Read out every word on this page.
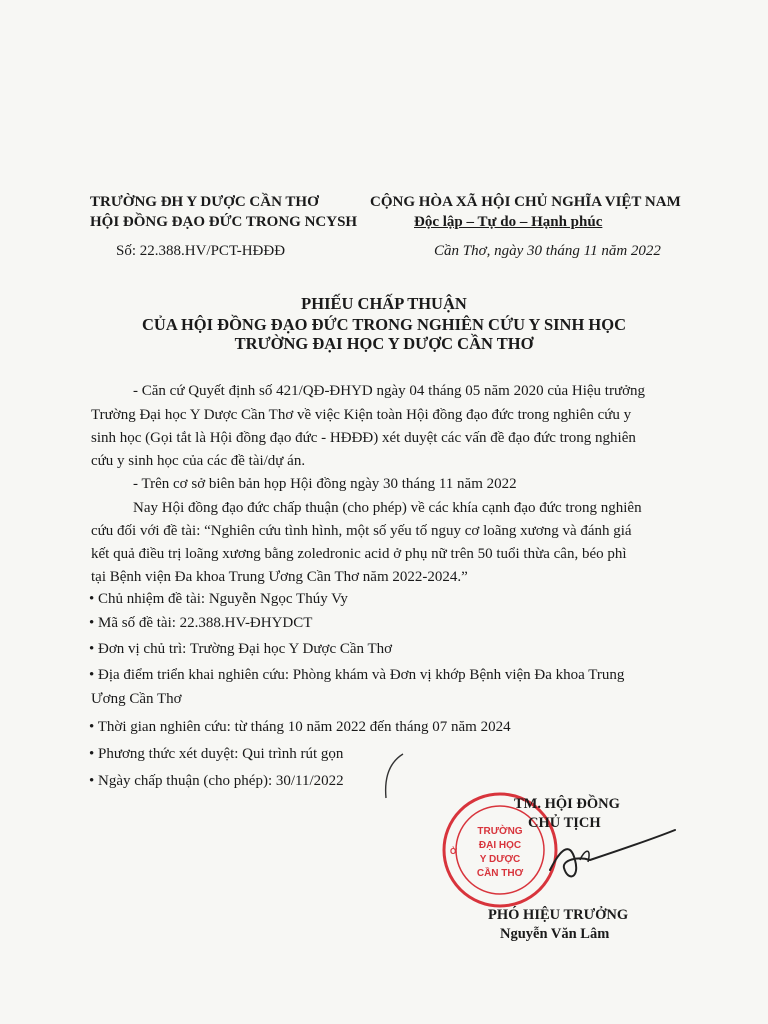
TRƯỜNG ĐH Y DƯỢC CẦN THƠ
HỘI ĐỒNG ĐẠO ĐỨC TRONG NCYSH
CỘNG HÒA XÃ HỘI CHỦ NGHĨA VIỆT NAM
Độc lập – Tự do – Hạnh phúc
Số: 22.388.HV/PCT-HĐĐĐ	Cần Thơ, ngày 30 tháng 11 năm 2022
PHIẾU CHẤP THUẬN
CỦA HỘI ĐỒNG ĐẠO ĐỨC TRONG NGHIÊN CỨU Y SINH HỌC
TRƯỜNG ĐẠI HỌC Y DƯỢC CẦN THƠ
- Căn cứ Quyết định số 421/QĐ-ĐHYD ngày 04 tháng 05 năm 2020 của Hiệu trưởng
Trường Đại học Y Dược Cần Thơ về việc Kiện toàn Hội đồng đạo đức trong nghiên cứu y
sinh học (Gọi tắt là Hội đồng đạo đức - HĐĐĐ) xét duyệt các vấn đề đạo đức trong nghiên
cứu y sinh học của các đề tài/dự án.
- Trên cơ sở biên bản họp Hội đồng ngày 30 tháng 11 năm 2022
Nay Hội đồng đạo đức chấp thuận (cho phép) về các khía cạnh đạo đức trong nghiên
cứu đối với đề tài: “Nghiên cứu tình hình, một số yếu tố nguy cơ loãng xương và đánh giá
kết quả điều trị loãng xương bằng zoledronic acid ở phụ nữ trên 50 tuổi thừa cân, béo phì
tại Bệnh viện Đa khoa Trung Ương Cần Thơ năm 2022-2024.”
• Chủ nhiệm đề tài: Nguyễn Ngọc Thúy Vy
• Mã số đề tài: 22.388.HV-ĐHYDCT
• Đơn vị chủ trì: Trường Đại học Y Dược Cần Thơ
• Địa điểm triển khai nghiên cứu: Phòng khám và Đơn vị khớp Bệnh viện Đa khoa Trung
Ương Cần Thơ
• Thời gian nghiên cứu: từ tháng 10 năm 2022 đến tháng 07 năm 2024
• Phương thức xét duyệt: Qui trình rút gọn
• Ngày chấp thuận (cho phép): 30/11/2022
TRƯỜNG
ĐẠI HỌC
Y DƯỢC
CẦN THƠ
Ở
TM. HỘI ĐỒNG
CHỦ TỊCH
PHÓ HIỆU TRƯỞNG
Nguyễn Văn Lâm
